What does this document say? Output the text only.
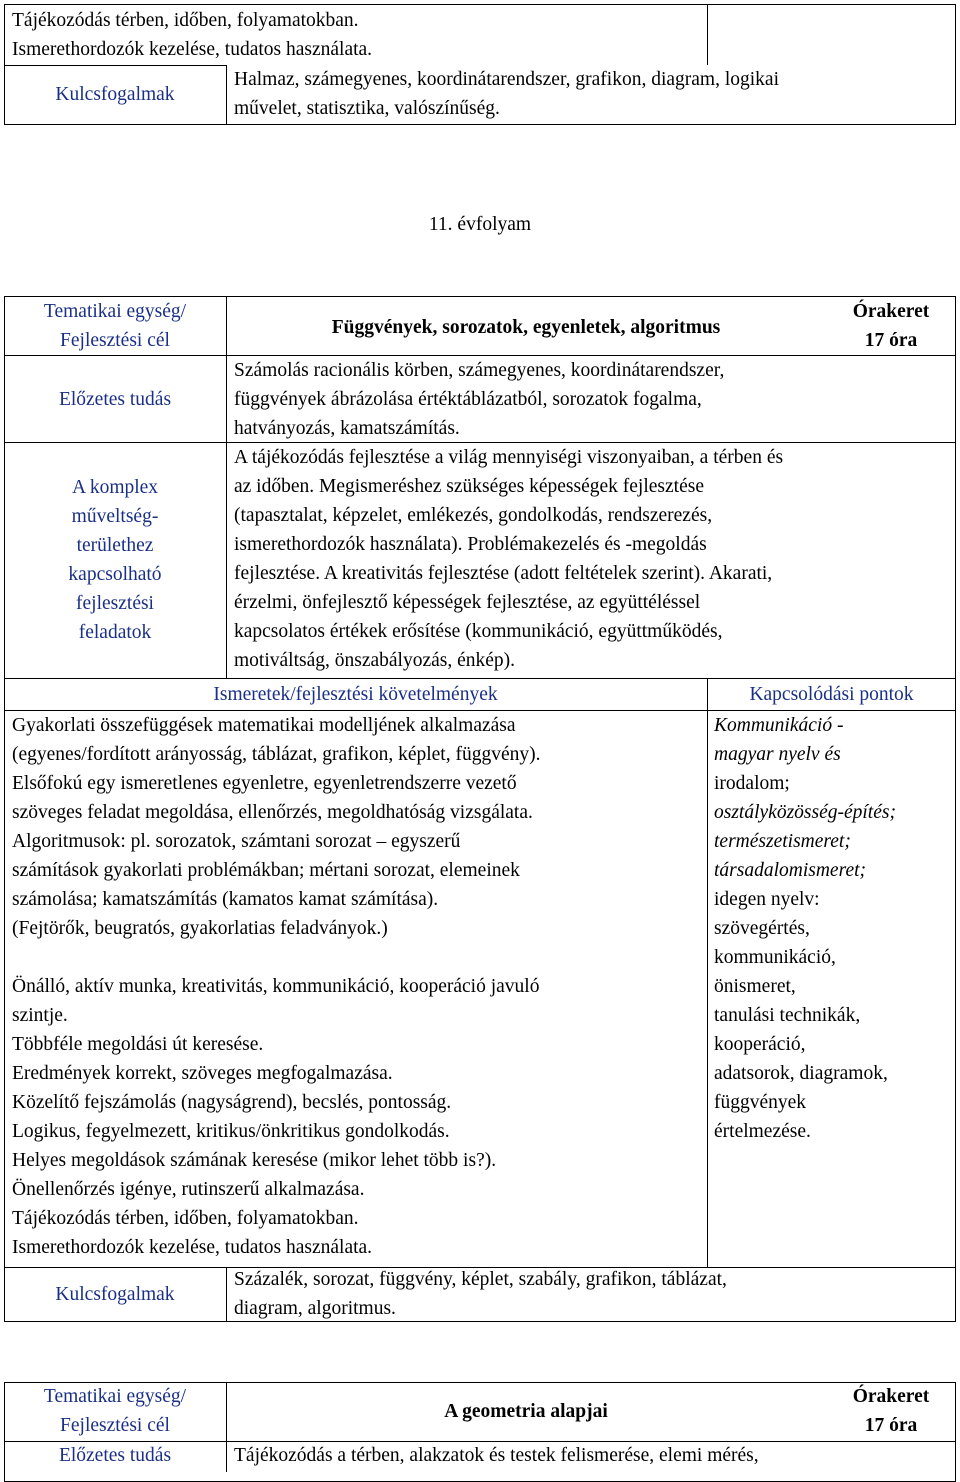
Tájékozódás térben, időben, folyamatokban.
Ismerethordozók kezelése, tudatos használata.
Kulcsfogalmak
Halmaz, számegyenes, koordinátarendszer, grafikon, diagram, logikai
művelet, statisztika, valószínűség.
11. évfolyam
Tematikai egység/
Fejlesztési cél
Függvények, sorozatok, egyenletek, algoritmus
Órakeret
17 óra
Előzetes tudás
Számolás racionális körben, számegyenes, koordinátarendszer,
függvények ábrázolása értéktáblázatból, sorozatok fogalma,
hatványozás, kamatszámítás.
A komplex
műveltség-
területhez
kapcsolható
fejlesztési
feladatok
A tájékozódás fejlesztése a világ mennyiségi viszonyaiban, a térben és
az időben. Megismeréshez szükséges képességek fejlesztése
(tapasztalat, képzelet, emlékezés, gondolkodás, rendszerezés,
ismerethordozók használata). Problémakezelés és -megoldás
fejlesztése. A kreativitás fejlesztése (adott feltételek szerint). Akarati,
érzelmi, önfejlesztő képességek fejlesztése, az együttéléssel
kapcsolatos értékek erősítése (kommunikáció, együttműködés,
motiváltság, önszabályozás, énkép).
Ismeretek/fejlesztési követelmények	Kapcsolódási pontok
Gyakorlati összefüggések matematikai modelljének alkalmazása
(egyenes/fordított arányosság, táblázat, grafikon, képlet, függvény).
Elsőfokú egy ismeretlenes egyenletre, egyenletrendszerre vezető
szöveges feladat megoldása, ellenőrzés, megoldhatóság vizsgálata.
Algoritmusok: pl. sorozatok, számtani sorozat – egyszerű
számítások gyakorlati problémákban; mértani sorozat, elemeinek
számolása; kamatszámítás (kamatos kamat számítása).
(Fejtörők, beugratós, gyakorlatias feladványok.)
Önálló, aktív munka, kreativitás, kommunikáció, kooperáció javuló
szintje.
Többféle megoldási út keresése.
Eredmények korrekt, szöveges megfogalmazása.
Közelítő fejszámolás (nagyságrend), becslés, pontosság.
Logikus, fegyelmezett, kritikus/önkritikus gondolkodás.
Helyes megoldások számának keresése (mikor lehet több is?).
Önellenőrzés igénye, rutinszerű alkalmazása.
Tájékozódás térben, időben, folyamatokban.
Ismerethordozók kezelése, tudatos használata.
Kommunikáció -
magyar nyelv és
irodalom;
osztályközösség-építés;
természetismeret;
társadalomismeret;
idegen nyelv:
szövegértés,
kommunikáció,
önismeret,
tanulási technikák,
kooperáció,
adatsorok, diagramok,
függvények
értelmezése.
Kulcsfogalmak
Százalék, sorozat, függvény, képlet, szabály, grafikon, táblázat,
diagram, algoritmus.
Tematikai egység/
Fejlesztési cél
A geometria alapjai
Órakeret
17 óra
Előzetes tudás	Tájékozódás a térben, alakzatok és testek felismerése, elemi mérés,
